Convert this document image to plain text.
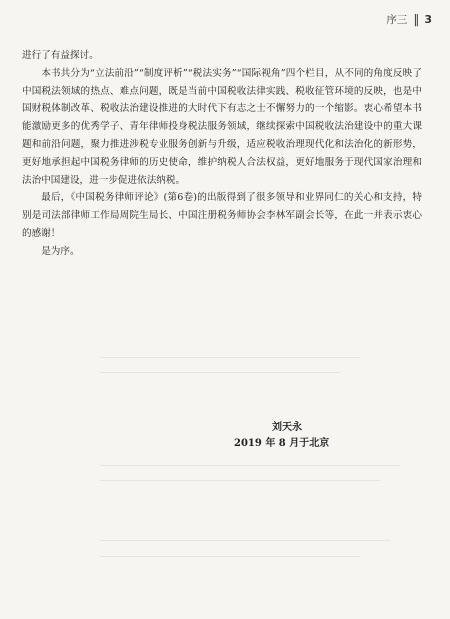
序三 ‖ 3

进行了有益探讨。

本书共分为“立法前沿”“制度评析”“税法实务”“国际视角”四个栏目，从不同的角度反映了中国税法领域的热点、难点问题，既是当前中国税收法律实践、税收征管环境的反映，也是中国财税体制改革、税收法治建设推进的大时代下有志之士不懈努力的一个缩影。衷心希望本书能激励更多的优秀学子、青年律师投身税法服务领域，继续探索中国税收法治建设中的重大课题和前沿问题，聚力推进涉税专业服务创新与升级，适应税收治理现代化和法治化的新形势，更好地承担起中国税务律师的历史使命，维护纳税人合法权益，更好地服务于现代国家治理和法治中国建设，进一步促进依法纳税。

最后，《中国税务律师评论》(第6卷)的出版得到了很多领导和业界同仁的关心和支持，特别是司法部律师工作局周院生局长、中国注册税务师协会李林军副会长等，在此一并表示衷心的感谢！

是为序。

刘天永
2019 年 8 月于北京
